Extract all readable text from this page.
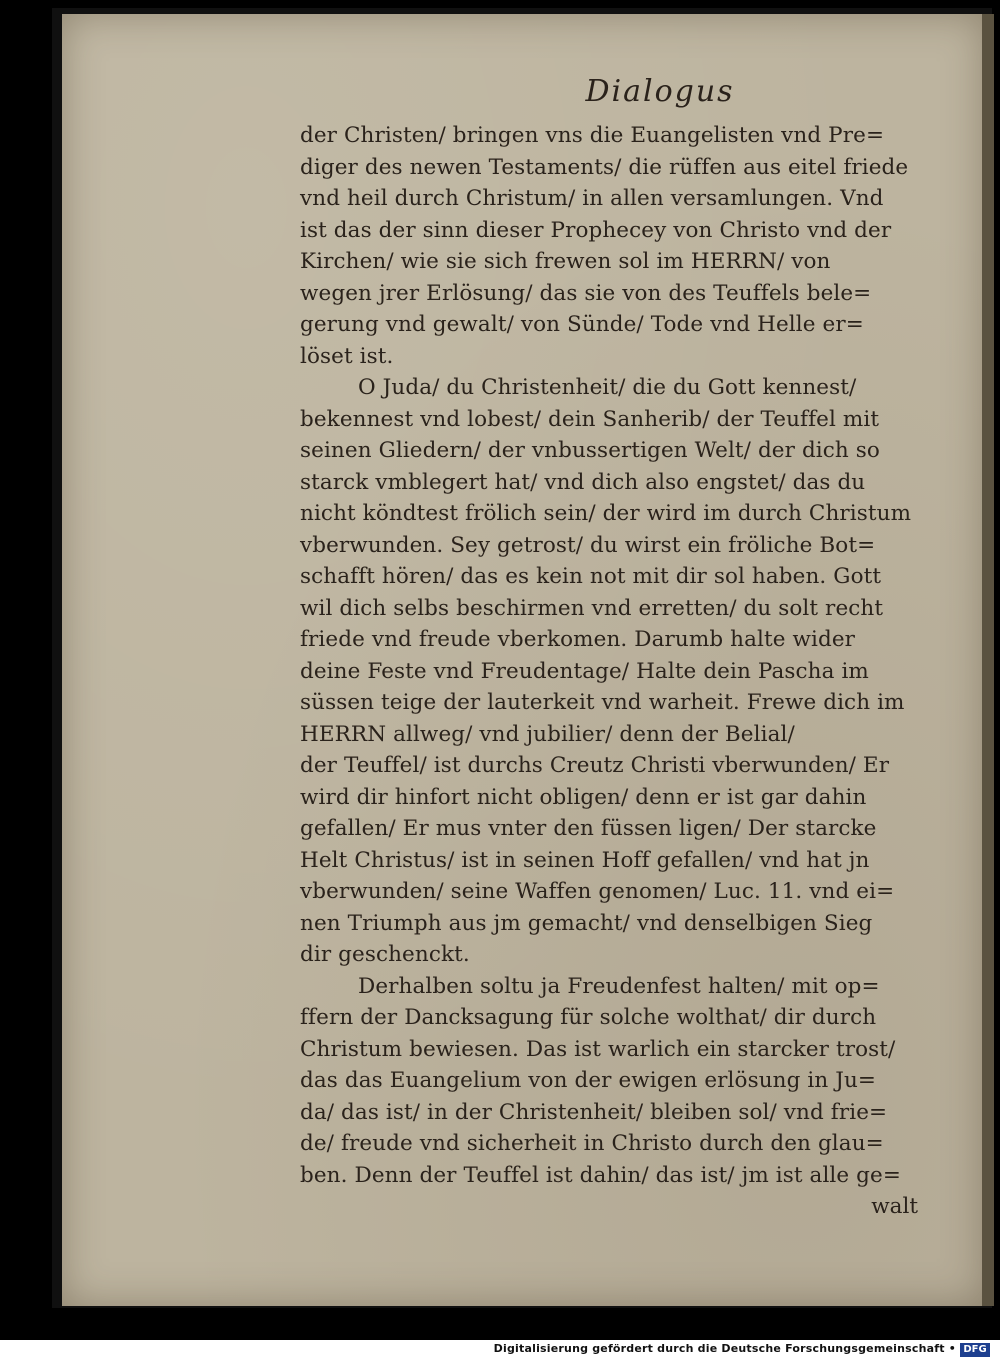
Dialogus
der Christen/ bringen vns die Euangelisten vnd Pre=
diger des newen Testaments/ die rüffen aus eitel friede
vnd heil durch Christum/ in allen versamlungen. Vnd
ist das der sinn dieser Prophecey von Christo vnd der
Kirchen/ wie sie sich frewen sol im HERRN/ von
wegen jrer Erlösung/ das sie von des Teuffels bele=
gerung vnd gewalt/ von Sünde/ Tode vnd Helle er=
löset ist.
O Juda/ du Christenheit/ die du Gott kennest/
bekennest vnd lobest/ dein Sanherib/ der Teuffel mit
seinen Gliedern/ der vnbussertigen Welt/ der dich so
starck vmblegert hat/ vnd dich also engstet/ das du
nicht köndtest frölich sein/ der wird im durch Christum
vberwunden. Sey getrost/ du wirst ein fröliche Bot=
schafft hören/ das es kein not mit dir sol haben. Gott
wil dich selbs beschirmen vnd erretten/ du solt recht
friede vnd freude vberkomen. Darumb halte wider
deine Feste vnd Freudentage/ Halte dein Pascha im
süssen teige der lauterkeit vnd warheit. Frewe dich im
HERRN allweg/ vnd jubilier/ denn der Belial/
der Teuffel/ ist durchs Creutz Christi vberwunden/ Er
wird dir hinfort nicht obligen/ denn er ist gar dahin
gefallen/ Er mus vnter den füssen ligen/ Der starcke
Helt Christus/ ist in seinen Hoff gefallen/ vnd hat jn
vberwunden/ seine Waffen genomen/ Luc. 11. vnd ei=
nen Triumph aus jm gemacht/ vnd denselbigen Sieg
dir geschenckt.
Derhalben soltu ja Freudenfest halten/ mit op=
ffern der Dancksagung für solche wolthat/ dir durch
Christum bewiesen. Das ist warlich ein starcker trost/
das das Euangelium von der ewigen erlösung in Ju=
da/ das ist/ in der Christenheit/ bleiben sol/ vnd frie=
de/ freude vnd sicherheit in Christo durch den glau=
ben. Denn der Teuffel ist dahin/ das ist/ jm ist alle ge=
walt
Digitalisierung gefördert durch die Deutsche Forschungsgemeinschaft • DFG
